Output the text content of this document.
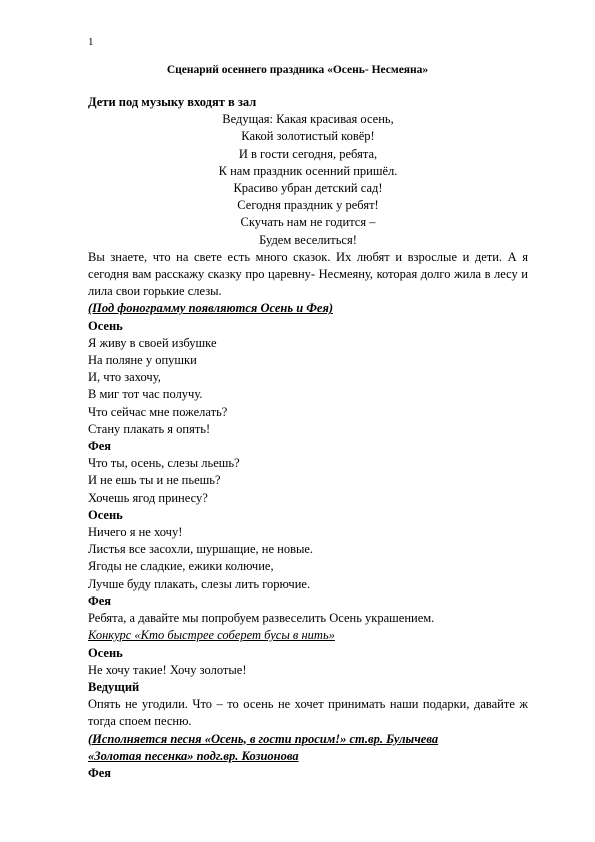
1
Сценарий осеннего праздника «Осень- Несмеяна»
Дети под музыку входят в зал
Ведущая: Какая красивая осень,
Какой золотистый ковёр!
И в гости сегодня, ребята,
К нам праздник осенний пришёл.
Красиво убран детский сад!
Сегодня праздник у ребят!
Скучать нам не годится –
Будем веселиться!
Вы знаете, что на свете есть много сказок. Их любят и взрослые и дети. А я сегодня вам расскажу сказку про царевну- Несмеяну, которая долго жила в лесу и лила свои горькие слезы.
(Под фонограмму появляются Осень и Фея)
Осень
Я живу в своей избушке
На поляне у опушки
И, что захочу,
В миг тот час получу.
Что сейчас мне пожелать?
Стану плакать я опять!
Фея
Что ты, осень, слезы льешь?
И не ешь ты и не пьешь?
Хочешь ягод принесу?
Осень
Ничего я не хочу!
Листья все засохли, шуршащие, не новые.
Ягоды не сладкие, ежики колючие,
Лучше буду плакать, слезы лить горючие.
Фея
Ребята, а давайте мы попробуем развеселить Осень украшением.
Конкурс «Кто быстрее соберет бусы в нить»
Осень
Не хочу такие! Хочу золотые!
Ведущий
Опять не угодили. Что – то осень не хочет принимать наши подарки, давайте ж тогда споем песню.
(Исполняется песня «Осень, в гости просим!» ст.вр. Булычева
«Золотая песенка» подг.вр. Козионова
Фея
